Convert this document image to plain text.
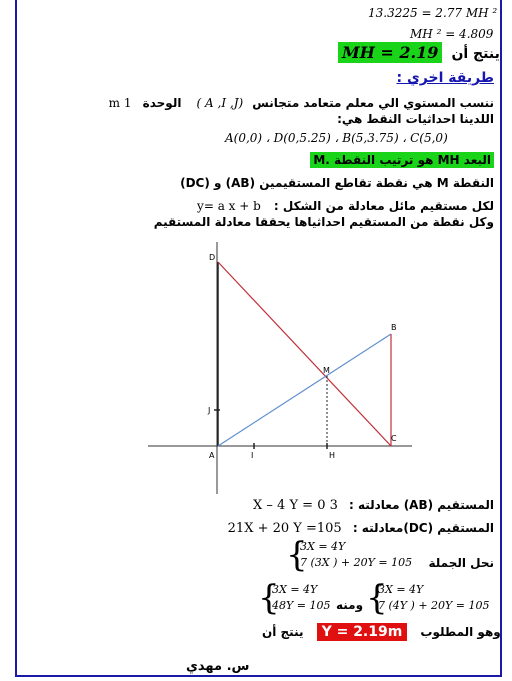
13.3225 = 2.77 MH ²
MH ² = 4.809
MH = 2.19 ينتج أن
طريقة اخري :
ننسب المستوي الي معلم متعامد متجانس (A ,I ,J ) الوحدة 1 m
اللدينا احداثيات النقط هي:
A(0,0) ، D(0,5.25) ، B(5,3.75) ، C(5,0)
البعد MH هو ترتيب النقطة .M
النقطة M هي نقطة تقاطع المستقيمين (AB) و (DC)
لكل مستقيم مائل معادلة من الشكل : y= a x + b
وكل نقطة من المستقيم احداثياها يحققا معادلة المستقيم
D
B
M
J
A	I	H
C
المستقيم (AB) معادلته : 3 X – 4 Y = 0
المستقيم (DC)معادلته : 21X + 20 Y =105
نحل الجملة
{
3X = 4Y
7 (3X ) + 20Y = 105
{
3X = 4Y
48Y = 105 ومنه {
3X = 4Y
7 (4Y ) + 20Y = 105
وهو المطلوب Y = 2.19m ينتج أن
س. مهدي
